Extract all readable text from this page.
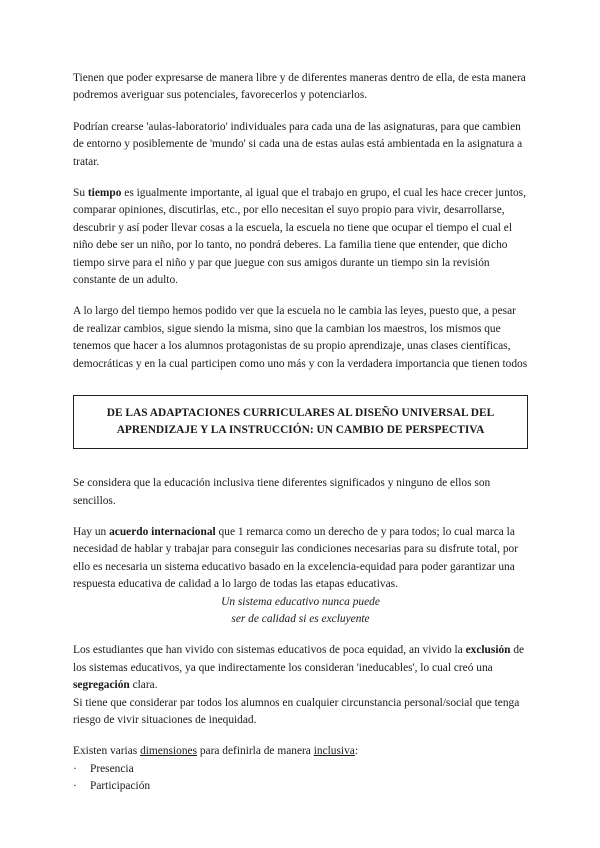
Tienen que poder expresarse de manera libre y de diferentes maneras dentro de ella, de esta manera podremos averiguar sus potenciales, favorecerlos y potenciarlos.

Podrían crearse 'aulas-laboratorio' individuales para cada una de las asignaturas, para que cambien de entorno y posiblemente de 'mundo' si cada una de estas aulas está ambientada en la asignatura a tratar.

Su tiempo es igualmente importante, al igual que el trabajo en grupo, el cual les hace crecer juntos, comparar opiniones, discutirlas, etc., por ello necesitan el suyo propio para vivir, desarrollarse, descubrir y así poder llevar cosas a la escuela, la escuela no tiene que ocupar el tiempo el cual el niño debe ser un niño, por lo tanto, no pondrá deberes. La familia tiene que entender, que dicho tiempo sirve para el niño y par que juegue con sus amigos durante un tiempo sin la revisión constante de un adulto.

A lo largo del tiempo hemos podido ver que la escuela no le cambia las leyes, puesto que, a pesar de realizar cambios, sigue siendo la misma, sino que la cambian los maestros, los mismos que tenemos que hacer a los alumnos protagonistas de su propio aprendizaje, unas clases científicas, democráticas y en la cual participen como uno más y con la verdadera importancia que tienen todos

DE LAS ADAPTACIONES CURRICULARES AL DISEÑO UNIVERSAL DEL APRENDIZAJE Y LA INSTRUCCIÓN: UN CAMBIO DE PERSPECTIVA

Se considera que la educación inclusiva tiene diferentes significados y ninguno de ellos son sencillos.

Hay un acuerdo internacional que 1 remarca como un derecho de y para todos; lo cual marca la necesidad de hablar y trabajar para conseguir las condiciones necesarias para su disfrute total, por ello es necesaria un sistema educativo basado en la excelencia-equidad para poder garantizar una respuesta educativa de calidad a lo largo de todas las etapas educativas.

Un sistema educativo nunca puede

ser de calidad si es excluyente

Los estudiantes que han vivido con sistemas educativos de poca equidad, an vivido la exclusión de los sistemas educativos, ya que indirectamente los consideran 'ineducables', lo cual creó una segregación clara.

Si tiene que considerar par todos los alumnos en cualquier circunstancia personal/social que tenga riesgo de vivir situaciones de inequidad.

Existen varias dimensiones para definirla de manera inclusiva:

·	Presencia
·	Participación
